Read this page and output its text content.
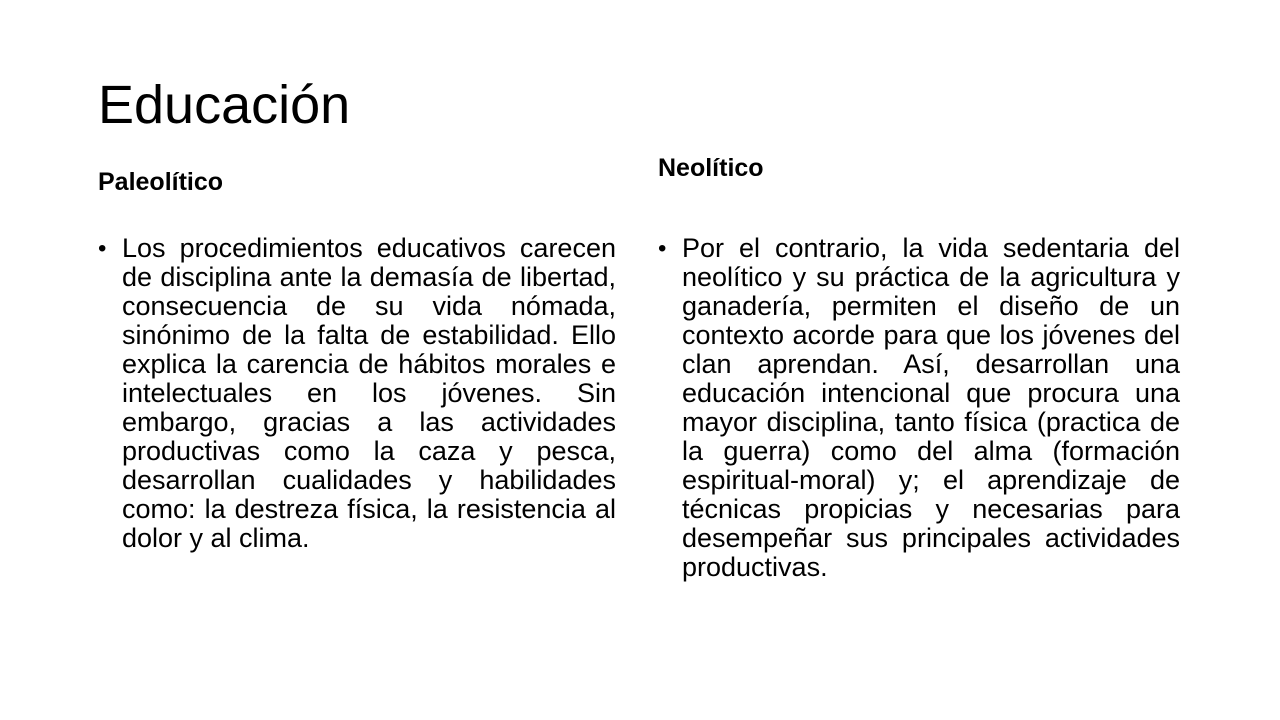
Educación
Paleolítico
• Los procedimientos educativos carecen de disciplina ante la demasía de libertad, consecuencia de su vida nómada, sinónimo de la falta de estabilidad. Ello explica la carencia de hábitos morales e intelectuales en los jóvenes. Sin embargo, gracias a las actividades productivas como la caza y pesca, desarrollan cualidades y habilidades como: la destreza física, la resistencia al dolor y al clima.
Neolítico
• Por el contrario, la vida sedentaria del neolítico y su práctica de la agricultura y ganadería, permiten el diseño de un contexto acorde para que los jóvenes del clan aprendan. Así, desarrollan una educación intencional que procura una mayor disciplina, tanto física (practica de la guerra) como del alma (formación espiritual-moral) y; el aprendizaje de técnicas propicias y necesarias para desempeñar sus principales actividades productivas.
